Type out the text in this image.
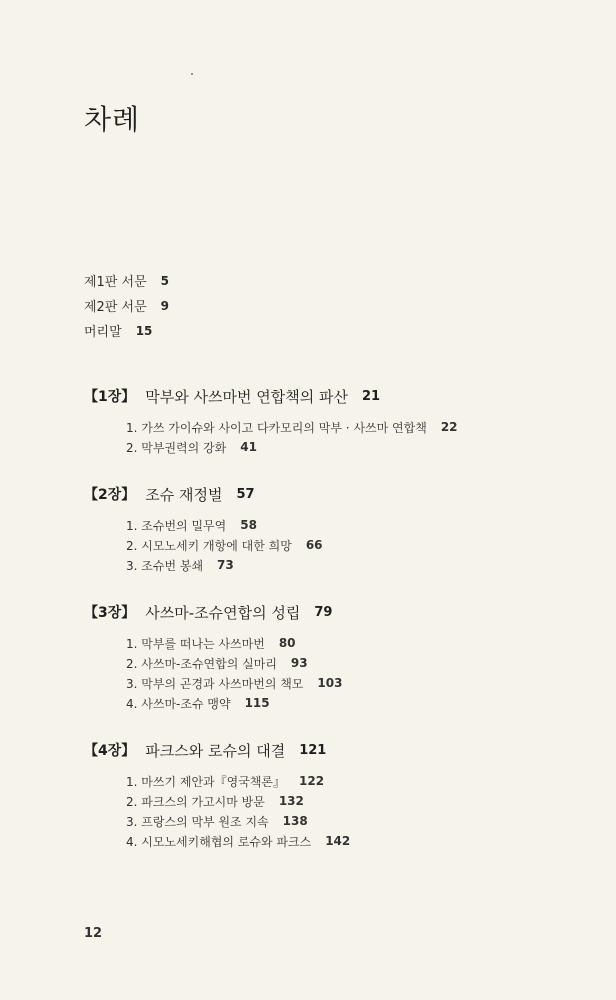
차례
제1판 서문 5
제2판 서문 9
머리말 15
【1장】 막부와 사쓰마번 연합책의 파산 21
1. 가쓰 가이슈와 사이고 다카모리의 막부 · 사쓰마 연합책 22
2. 막부권력의 강화 41
【2장】 조슈 재정벌 57
1. 조슈번의 밀무역 58
2. 시모노세키 개항에 대한 희망 66
3. 조슈번 봉쇄 73
【3장】 사쓰마-조슈연합의 성립 79
1. 막부를 떠나는 사쓰마번 80
2. 사쓰마-조슈연합의 실마리 93
3. 막부의 곤경과 사쓰마번의 책모 103
4. 사쓰마-조슈 맹약 115
【4장】 파크스와 로슈의 대결 121
1. 마쓰기 제안과『영국책론』 122
2. 파크스의 가고시마 방문 132
3. 프랑스의 막부 원조 지속 138
4. 시모노세키해협의 로슈와 파크스 142
12
